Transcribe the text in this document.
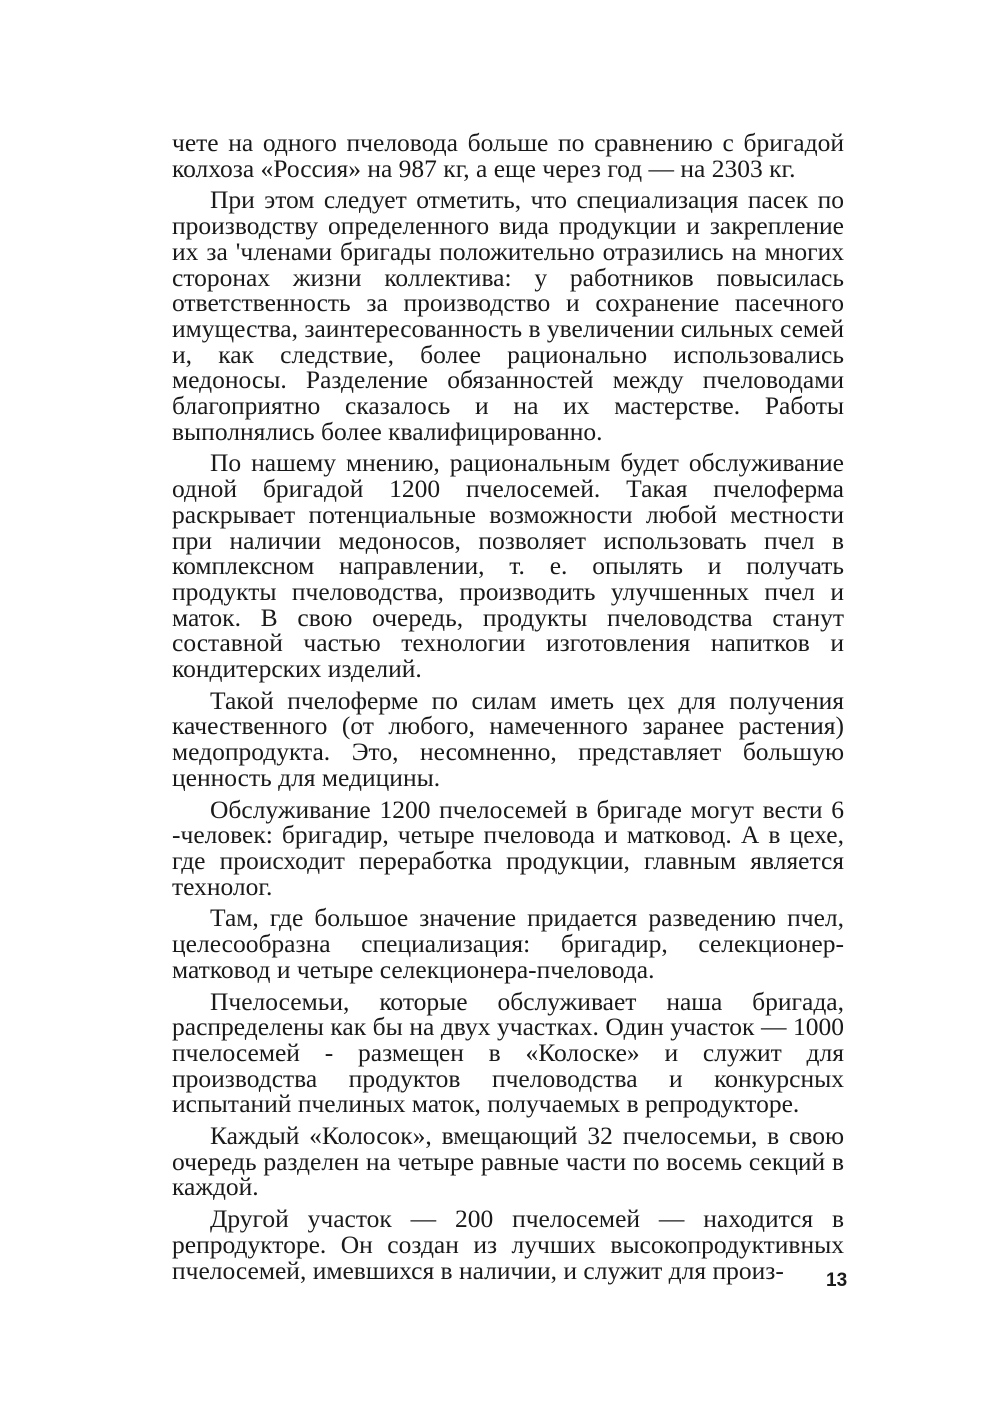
чете на одного пчеловода больше по сравнению с бригадой колхоза «Россия» на 987 кг, а еще через год — на 2303 кг.

При этом следует отметить, что специализация пасек по производству определенного вида продукции и закрепление их за 'членами бригады положительно отразились на многих сторонах жизни коллектива: у работников повысилась ответственность за производство и сохранение пасечного имущества, заинтересованность в увеличении сильных семей и, как следствие, более рационально использовались медоносы. Разделение обязанностей между пчеловодами благоприятно сказалось и на их мастерстве. Работы выполнялись более квалифицированно.

По нашему мнению, рациональным будет обслуживание одной бригадой 1200 пчелосемей. Такая пчелоферма раскрывает потенциальные возможности любой местности при наличии медоносов, позволяет использовать пчел в комплексном направлении, т. е. опылять и получать продукты пчеловодства, производить улучшенных пчел и маток. В свою очередь, продукты пчеловодства станут составной частью технологии изготовления напитков и кондитерских изделий.

Такой пчелоферме по силам иметь цех для получения качественного (от любого, намеченного заранее растения) медопродукта. Это, несомненно, представляет большую ценность для медицины.

Обслуживание 1200 пчелосемей в бригаде могут вести 6 -человек: бригадир, четыре пчеловода и матковод. А в цехе, где происходит переработка продукции, главным является технолог.

Там, где большое значение придается разведению пчел, целесообразна специализация: бригадир, селекционер-матковод и четыре селекционера-пчеловода.

Пчелосемьи, которые обслуживает наша бригада, распределены как бы на двух участках. Один участок — 1000 пчелосемей - размещен в «Колоске» и служит для производства продуктов пчеловодства и конкурсных испытаний пчелиных маток, получаемых в репродукторе.

Каждый «Колосок», вмещающий 32 пчелосемьи, в свою очередь разделен на четыре равные части по восемь секций в каждой.

Другой участок — 200 пчелосемей — находится в репродукторе. Он создан из лучших высокопродуктивных пчелосемей, имевшихся в наличии, и служит для произ-	13
